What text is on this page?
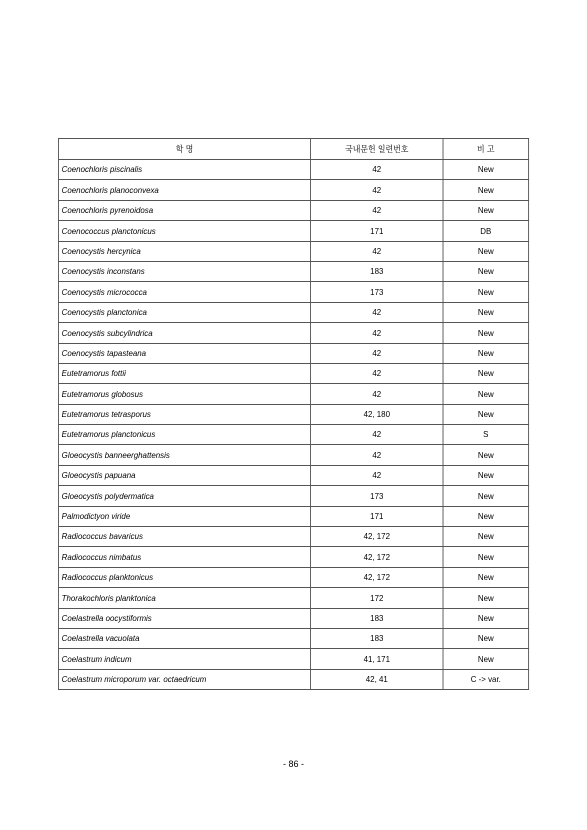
학 명	국내문헌 일련번호	비 고
Coenochloris piscinalis	42	New
Coenochloris planoconvexa	42	New
Coenochloris pyrenoidosa	42	New
Coenococcus planctonicus	171	DB
Coenocystis hercynica	42	New
Coenocystis inconstans	183	New
Coenocystis micrococca	173	New
Coenocystis planctonica	42	New
Coenocystis subcylindrica	42	New
Coenocystis tapasteana	42	New
Eutetramorus fottii	42	New
Eutetramorus globosus	42	New
Eutetramorus tetrasporus	42, 180	New
Eutetramorus planctonicus	42	S
Gloeocystis banneerghattensis	42	New
Gloeocystis papuana	42	New
Gloeocystis polydermatica	173	New
Palmodictyon viride	171	New
Radiococcus bavaricus	42, 172	New
Radiococcus nimbatus	42, 172	New
Radiococcus planktonicus	42, 172	New
Thorakochloris planktonica	172	New
Coelastrella oocystiformis	183	New
Coelastrella vacuolata	183	New
Coelastrum indicum	41, 171	New
Coelastrum microporum var. octaedricum	42, 41	C -> var.
- 86 -
